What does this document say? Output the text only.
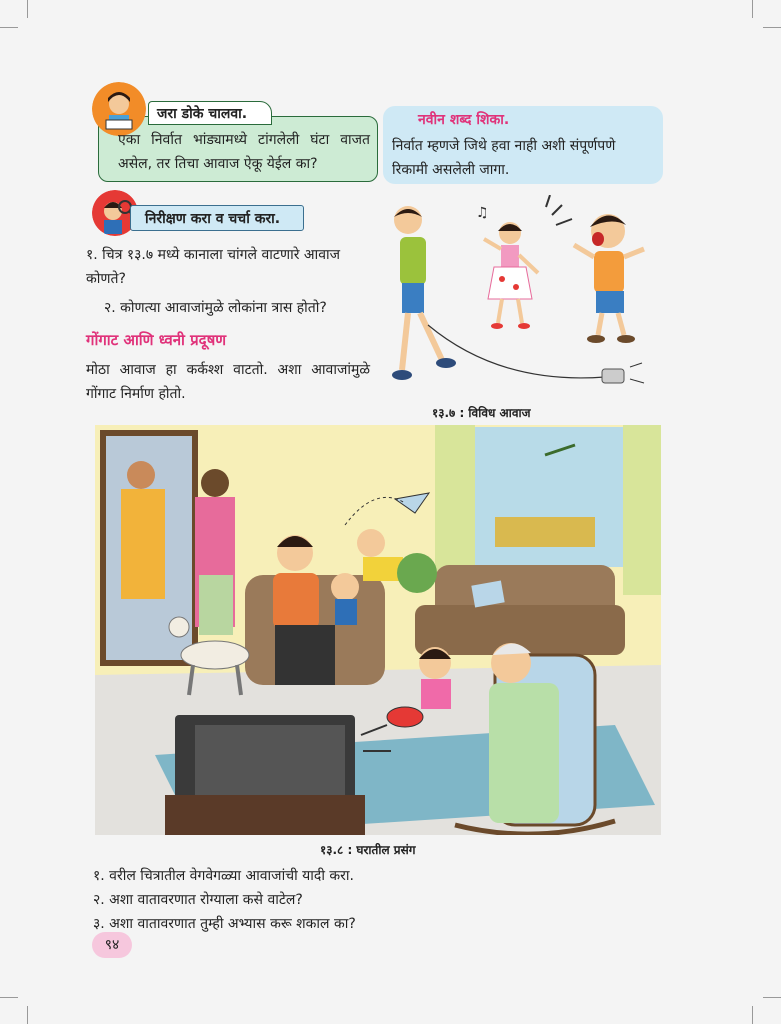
जरा डोके चालवा.
एका निर्वात भांड्यामध्ये टांगलेली घंटा वाजत असेल, तर तिचा आवाज ऐकू येईल का?
नवीन शब्द शिका.
निर्वात म्हणजे जिथे हवा नाही अशी संपूर्णपणे रिकामी असलेली जागा.
निरीक्षण करा व चर्चा करा.
१. चित्र १३.७ मध्ये कानाला चांगले वाटणारे आवाज कोणते?
२. कोणत्या आवाजांमुळे लोकांना त्रास होतो?
गोंगाट आणि ध्वनी प्रदूषण
मोठा आवाज हा कर्कश्श वाटतो. अशा आवाजांमुळे गोंगाट निर्माण होतो.
♫
१३.७ : विविध आवाज
१३.८ : घरातील प्रसंग
१. वरील चित्रातील वेगवेगळ्या आवाजांची यादी करा.
२. अशा वातावरणात रोग्याला कसे वाटेल?
३. अशा वातावरणात तुम्ही अभ्यास करू शकाल का?
९४
